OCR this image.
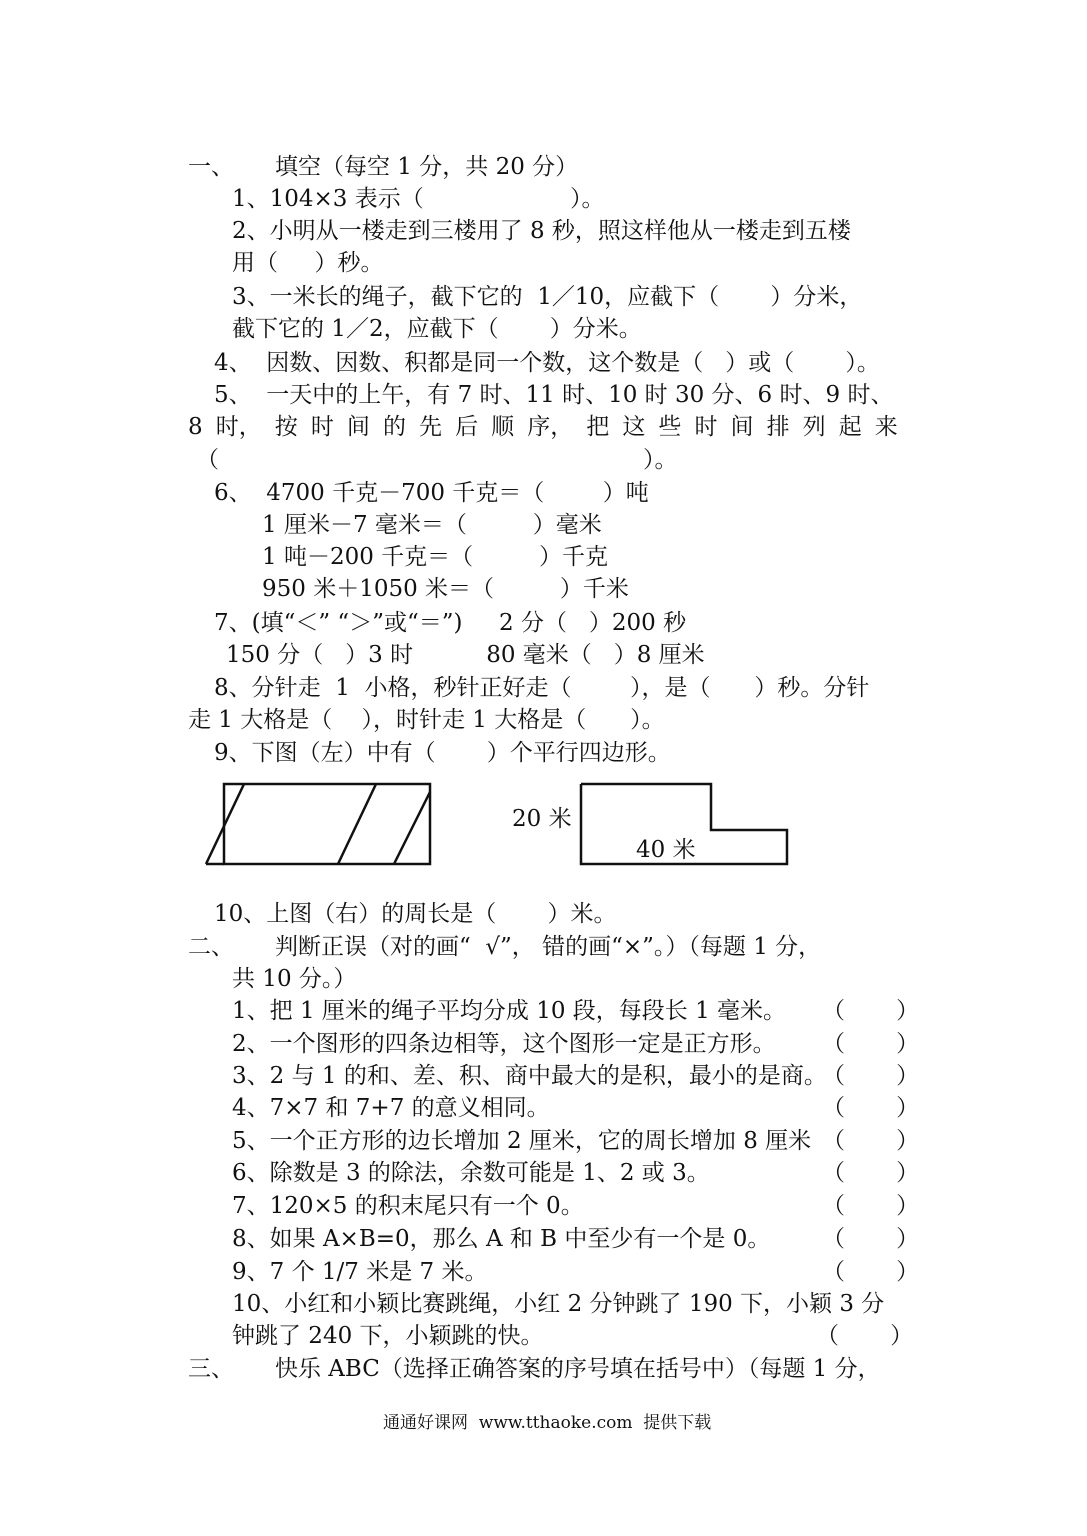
一、 填空（每空 1 分，共 20 分）
1、104×3 表示（                    ）。
2、小明从一楼走到三楼用了 8 秒，照这样他从一楼走到五楼
用（     ）秒。
3、一米长的绳子，截下它的  1／10，应截下（       ）分米，
截下它的 1／2，应截下（       ）分米。
4、  因数、因数、积都是同一个数，这个数是（   ）或（       ）。
5、  一天中的上午，有 7 时、11 时、10 时 30 分、6 时、9 时、
8 时， 按 时 间 的 先 后 顺 序， 把 这 些 时 间 排 列 起 来
（                                                          ）。
6、  4700 千克－700 千克＝（        ）吨
1 厘米－7 毫米＝（         ）毫米
1 吨－200 千克＝（         ）千克
950 米＋1050 米＝（         ）千米
7、(填“＜” “＞”或“＝”)     2 分（   ）200 秒
150 分（   ）3 时          80 毫米（   ）8 厘米
8、分针走  1  小格，秒针正好走（        ），是（      ）秒。分针
走 1 大格是（    ），时针走 1 大格是（      ）。
9、下图（左）中有（       ）个平行四边形。
20 米
40 米
10、上图（右）的周长是（       ）米。
二、 判断正误（对的画“  √”， 错的画“×”。）（每题 1 分，
共 10 分。）
1、把 1 厘米的绳子平均分成 10 段，每段长 1 毫米。 （       ）
2、一个图形的四条边相等，这个图形一定是正方形。 （       ）
3、2 与 1 的和、差、积、商中最大的是积，最小的是商。
（       ）
4、7×7 和 7+7 的意义相同。	（       ）
5、一个正方形的边长增加 2 厘米，它的周长增加 8 厘米 （       ）
6、除数是 3 的除法，余数可能是 1、2 或 3。	（       ）
7、120×5 的积末尾只有一个 0。	（       ）
8、如果 A×B=0，那么 A 和 B 中至少有一个是 0。 （       ）
9、7 个 1/7 米是 7 米。	（       ）
10、小红和小颖比赛跳绳，小红 2 分钟跳了 190 下，小颖 3 分
钟跳了 240 下，小颖跳的快。	（       ）
三、 快乐 ABC（选择正确答案的序号填在括号中）（每题 1 分，
通通好课网  www.tthaoke.com  提供下载
